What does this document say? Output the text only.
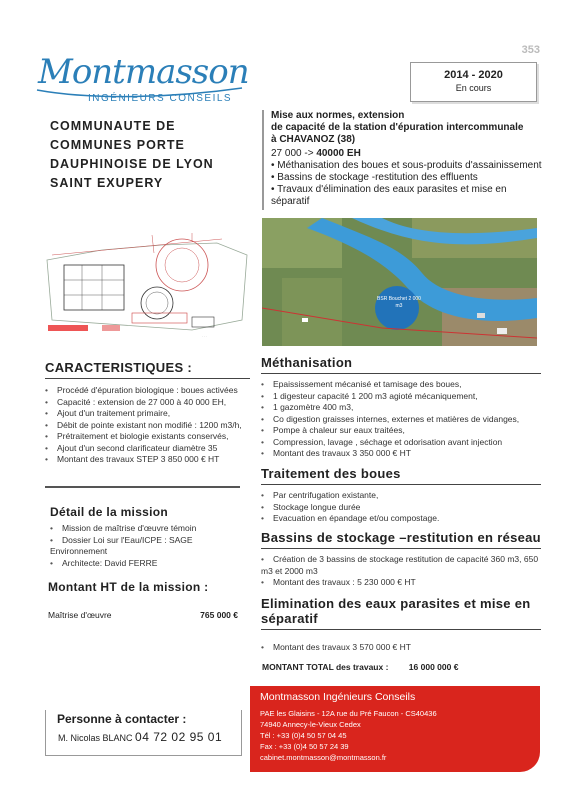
353
Montmasson
INGÉNIEURS CONSEILS
2014 - 2020
En cours
COMMUNAUTE DE COMMUNES PORTE DAUPHINOISE DE LYON SAINT EXUPERY
Mise aux normes, extension
de capacité de la station d'épuration intercommunale
à CHAVANOZ (38)
27 000 -> 40000 EH
• Méthanisation des boues et sous-produits d'assainissement
• Bassins de stockage -restitution des effluents
• Travaux d'élimination des eaux parasites et mise en séparatif
· · ·
BSR Bouchet 2 000 m3
CARACTERISTIQUES :
• Procédé d'épuration biologique : boues activées
• Capacité : extension de 27 000 à 40 000 EH,
• Ajout d'un traitement primaire,
• Débit de pointe existant non modifié : 1200 m3/h,
• Prétraitement et biologie existants conservés,
• Ajout d'un second clarificateur diamètre 35
• Montant des travaux STEP 3 850 000 € HT
Détail de la mission
• Mission de maîtrise d'œuvre témoin
• Dossier Loi sur l'Eau/ICPE : SAGE Environnement
• Architecte: David FERRE
Montant HT de la mission :
Maîtrise d'œuvre	765 000 €
Méthanisation
• Epaississement mécanisé et tamisage des boues,
• 1 digesteur capacité 1 200 m3 agioté mécaniquement,
• 1 gazomètre 400 m3,
• Co digestion graisses internes, externes et matières de vidanges,
• Pompe à chaleur sur eaux traitées,
• Compression, lavage , séchage et odorisation avant injection
• Montant des travaux 3 350 000 € HT
Traitement des boues
• Par centrifugation existante,
• Stockage longue durée
• Evacuation en épandage et/ou compostage.
Bassins de stockage –restitution en réseau
• Création de 3 bassins de stockage restitution de capacité 360 m3, 650 m3 et 2000 m3
• Montant des travaux : 5 230 000 € HT
Elimination des eaux parasites et mise en
séparatif
• Montant des travaux 3 570 000 € HT
MONTANT TOTAL des travaux : 16 000 000 €
Personne à contacter :
M. Nicolas BLANC 04 72 02 95 01
Montmasson Ingénieurs Conseils
PAE les Glaisins - 12A rue du Pré Faucon - CS40436
74940 Annecy-le-Vieux Cedex
Tél : +33 (0)4 50 57 04 45
Fax : +33 (0)4 50 57 24 39
cabinet.montmasson@montmasson.fr
